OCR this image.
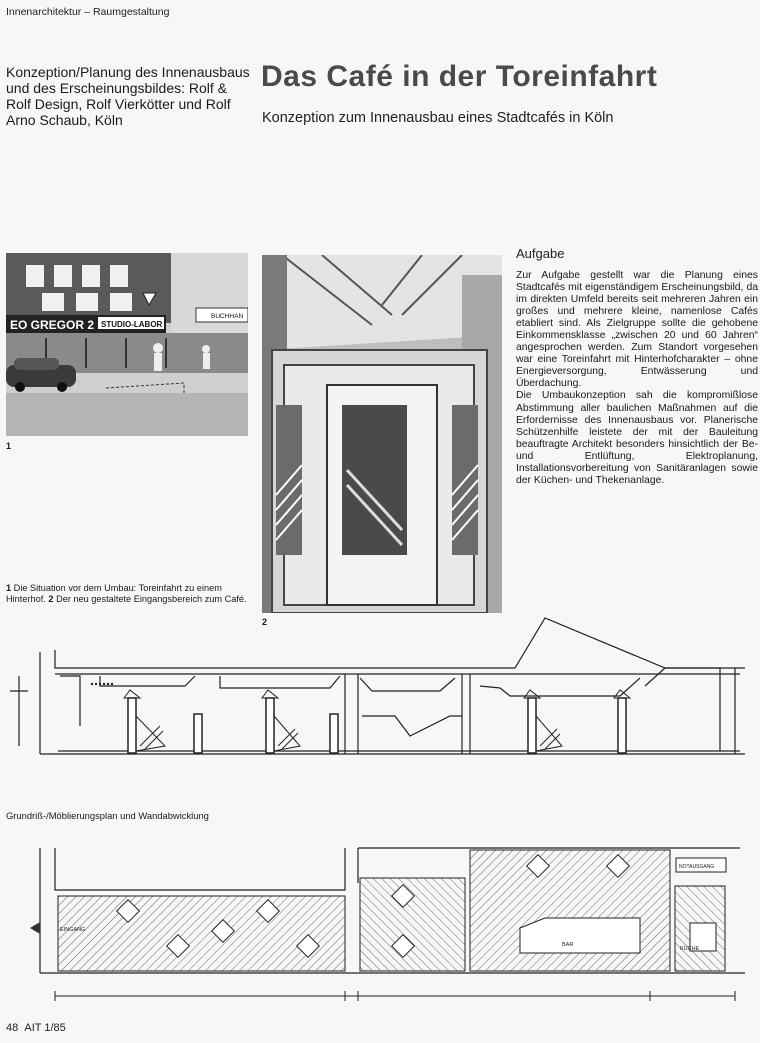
Innenarchitektur – Raumgestaltung
Konzeption/Planung des Innenausbaus und des Erscheinungsbildes: Rolf & Rolf Design, Rolf Vierkötter und Rolf Arno Schaub, Köln
Das Café in der Toreinfahrt
Konzeption zum Innenausbau eines Stadtcafés in Köln
EO GREGOR 2 STUDIO-LABOR
BUCHHAN
1
2
Aufgabe
Zur Aufgabe gestellt war die Planung eines Stadtcafés mit eigenständigem Erscheinungsbild, da im direkten Umfeld bereits seit mehreren Jahren ein großes und mehrere kleine, namenlose Cafés etabliert sind. Als Zielgruppe sollte die gehobene Einkommensklasse „zwischen 20 und 60 Jahren“ angesprochen werden. Zum Standort vorgesehen war eine Toreinfahrt mit Hinterhofcharakter – ohne Energieversorgung, Entwässerung und Überdachung.
Die Umbaukonzeption sah die kompromißlose Abstimmung aller baulichen Maßnahmen auf die Erfordernisse des Innenausbaus vor. Planerische Schützenhilfe leistete der mit der Bauleitung beauftragte Architekt besonders hinsichtlich der Be- und Entlüftung, Elektroplanung, Installationsvorbereitung von Sanitäranlagen sowie der Küchen- und Thekenanlage.
1 Die Situation vor dem Umbau: Toreinfahrt zu einem Hinterhof. 2 Der neu gestaltete Eingangsbereich zum Café.
Grundriß-/Möblierungsplan und Wandabwicklung
EINGANG
BAR
KÜCHE
NOTAUSGANG
48 AIT 1/85
